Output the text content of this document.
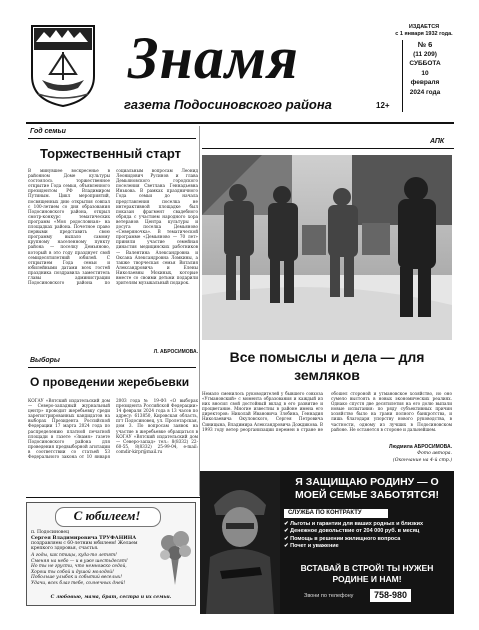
Знамя
газета Подосиновского района	12+
ИЗДАЕТСЯ
с 1 января 1932 года.
№ 6
(11 209)
СУББОТА
10
февраля
2024 года
Год семьи
Торжественный старт
В минувшее воскресенье в районном Доме культуры состоялось торжественное открытие Года семьи, объявленного президентом РФ Владимиром Путиным. Цикл мероприятий, посвященных дню открытия совпал с 100-летием со дня образования Подосиновского района, открыл смотр-конкурс тематических программ «Моя родословная» на площадках района. Почетное право первыми представить свою программу выпало самому крупному населенному пункту района — поселку Демьяново, который в это году празднует свой семидесятилетний юбилей. С открытием Года семьи и юбилейными датами всех гостей праздника поздравила заместитель главы администрации Подосиновского района по социальным вопросам Леонид Леонидович Русинов и глава Демьяновского городского поселения Светлана Геннадьевна Инькова. В рамках праздничного Года семьи до начала представления поселка не интерактивной площадке был показан фрагмент свадебного обряда с участием народного хора ветеранов Центра культуры и досуга поселка Демьяново «Северяночка». В тематической программе «Демьяново — 70 лет» приняли участие семейная династия медицинских работников — Валентина Александровна и Оксана Александровна Ломкины, а также творческая семья Виталия Александровича и Елены Николаевны Мохиных, которые вместе со своими детьми подарили зрителям музыкальный подарок.
Л. АБРОСИМОВА.
Выборы
О проведении жеребьевки
КОГАУ «Вятский издательский дом — Северо-западный журнальный центр» проводит жеребьевку среди зарегистрированных кандидатов на выборах Президента Российской Федерации 17 марта 2024 года по распределению платной печатной площади в газете «Знамя» газете Подосиновского района для проведения предвыборной агитации в соответствии со статьей 53 Федерального закона от 10 января 2003 года № 19-ФЗ «О выборах президента Российской Федерации» 14 февраля 2024 года в 13 часов по адресу: 613850, Кировская область, пгт Подосиновец, ул. Пролетарская, дом 3. По вопросам заявок на участие в жеребьевке обращаться в КОГАУ «Вятский издательский дом — Северо-запад» тел.: 8(8332) 22-60-55, 8(8332) 25-99-04, e-mail: comdir-kirpr@mail.ru
АПК
Все помыслы и дела — для земляков
Немало сменилось руководителей у бывшего совхоза «Утмановский» с момента образования и каждый из них вносил свой достойный вклад в его развитие и процветание. Многие известны в районе имена его директоров: Николай Ивановича Злобина, Геннадия Николаевича Окуловского, Сергея Петровича Синицына, Владимира Александровича Дождикова. В 1993 году ветер реорганизации перемен в стране не обошел стороной и утмановское хозяйство, но оно сумело выстоять в новых экономических реалиях. Однако спустя две десятилетия на его долю выпали новые испытания: по ряду субъективных причин хозяйство было на грани полного банкротства, и лишь благодаря упорству нового руководства, в частности, одному из лучших в Подосиновском районе. Не останется в стороне и дальнейшем.
Людмила АБРОСИМОВА.
Фото автора.
(Окончание на 4-й стр.)
С юбилеем!
п. Подосиновец
Сергея Владимировича ТРУФАНИНА
поздравляем с 60-летним юбилеем! Желаем крепкого здоровья, счастья.
А годы, как птицы, куда-то летят!
Сменяя на небо — и в уже шестьдесят!
Но ты не грусти, что немножко седой,
Хорош ты собой и душой молодой!
Побольше улыбок и событий веселых!
Удачи, всех благ тебе, солнечных дней!
С любовью, мама, брат, сестра и их семьи.
Я ЗАЩИЩАЮ РОДИНУ — О МОЕЙ СЕМЬЕ ЗАБОТЯТСЯ!
СЛУЖБА ПО КОНТРАКТУ
✔ Льготы и гарантии для ваших родных и близких
✔ Денежное довольствие от 204 000 руб. в месяц
✔ Помощь в решении жилищного вопроса
✔ Почет и уважение
ВСТАВАЙ В СТРОЙ! ТЫ НУЖЕН РОДИНЕ И НАМ!
Звони по телефону	758-980
